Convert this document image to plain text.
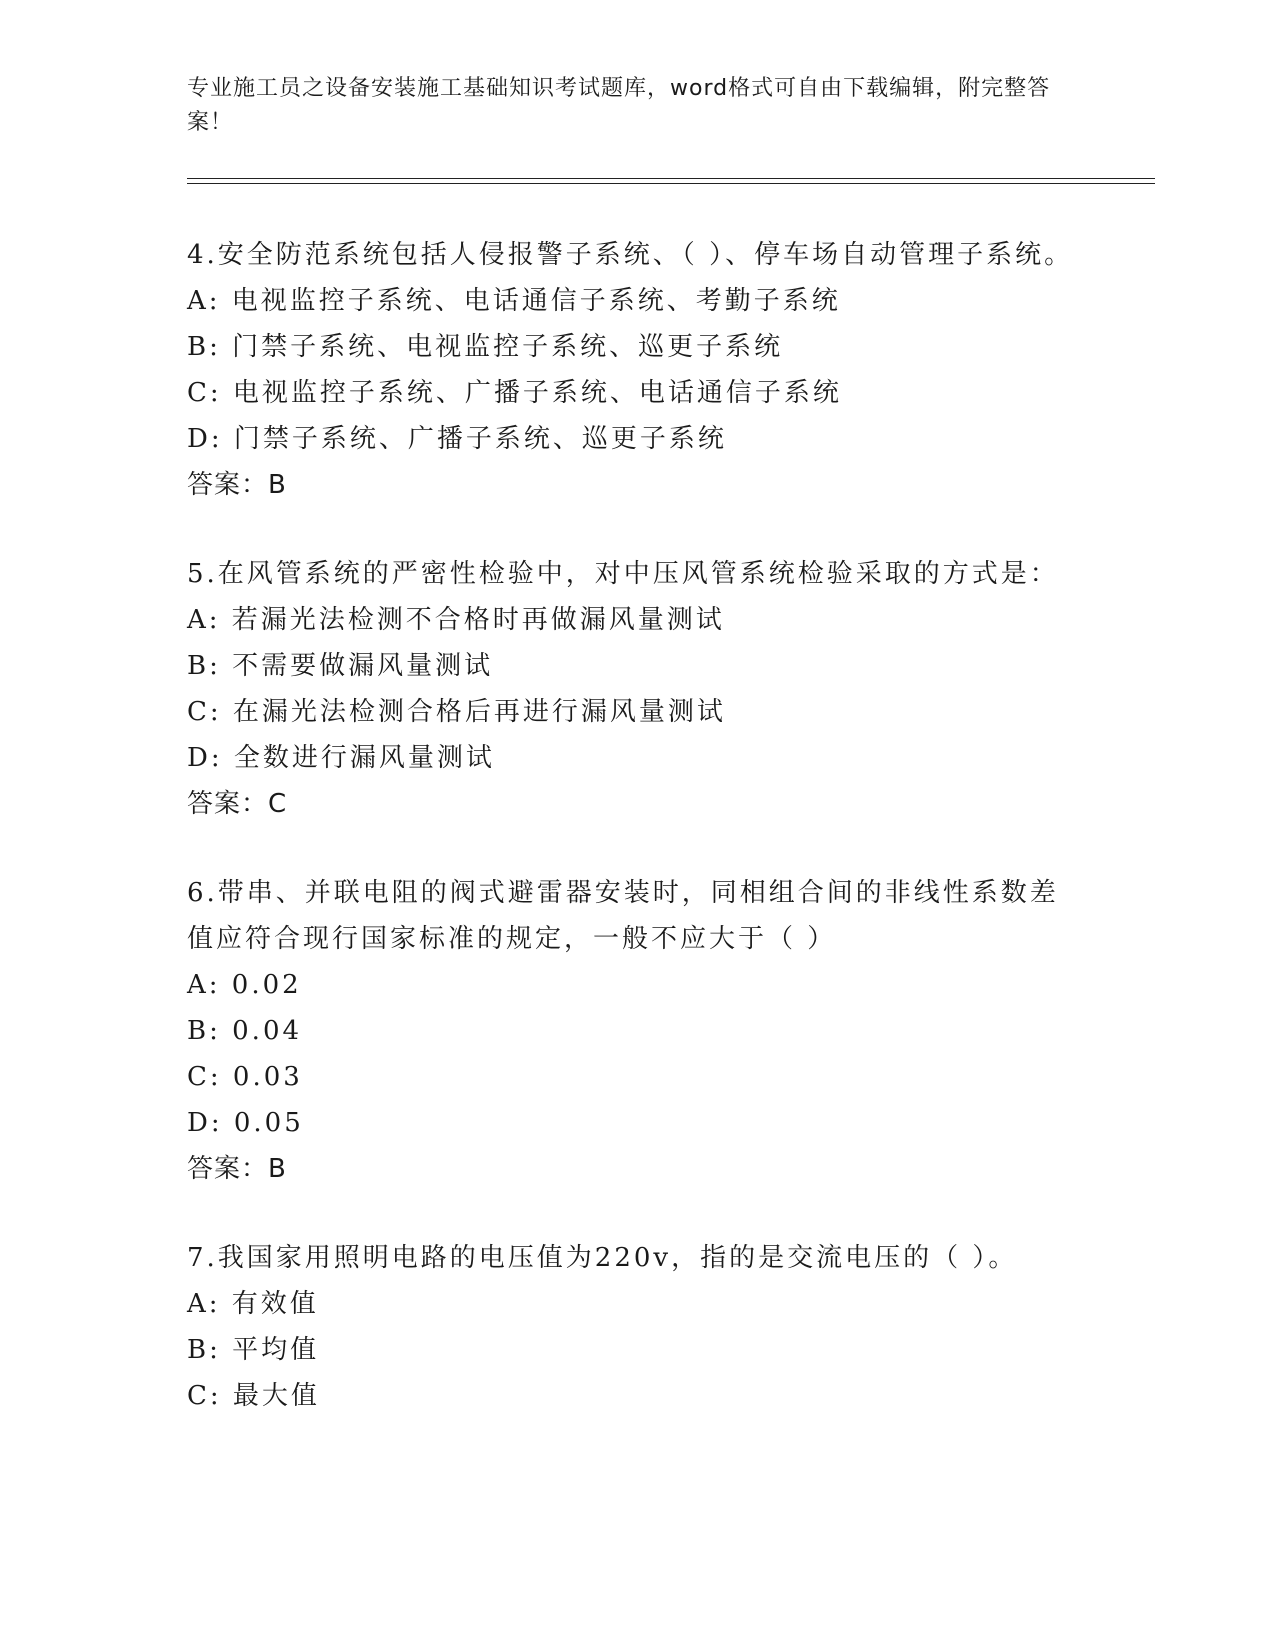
专业施工员之设备安装施工基础知识考试题库，word格式可自由下载编辑，附完整答案！
4.安全防范系统包括人侵报警子系统、（ ）、停车场自动管理子系统。
A: 电视监控子系统、电话通信子系统、考勤子系统
B: 门禁子系统、电视监控子系统、巡更子系统
C: 电视监控子系统、广播子系统、电话通信子系统
D: 门禁子系统、广播子系统、巡更子系统
答案：B
5.在风管系统的严密性检验中，对中压风管系统检验采取的方式是：
A: 若漏光法检测不合格时再做漏风量测试
B: 不需要做漏风量测试
C: 在漏光法检测合格后再进行漏风量测试
D: 全数进行漏风量测试
答案：C
6.带串、并联电阻的阀式避雷器安装时，同相组合间的非线性系数差值应符合现行国家标准的规定，一般不应大于（ ）
A: 0.02
B: 0.04
C: 0.03
D: 0.05
答案：B
7.我国家用照明电路的电压值为220v，指的是交流电压的（ ）。
A: 有效值
B: 平均值
C: 最大值
